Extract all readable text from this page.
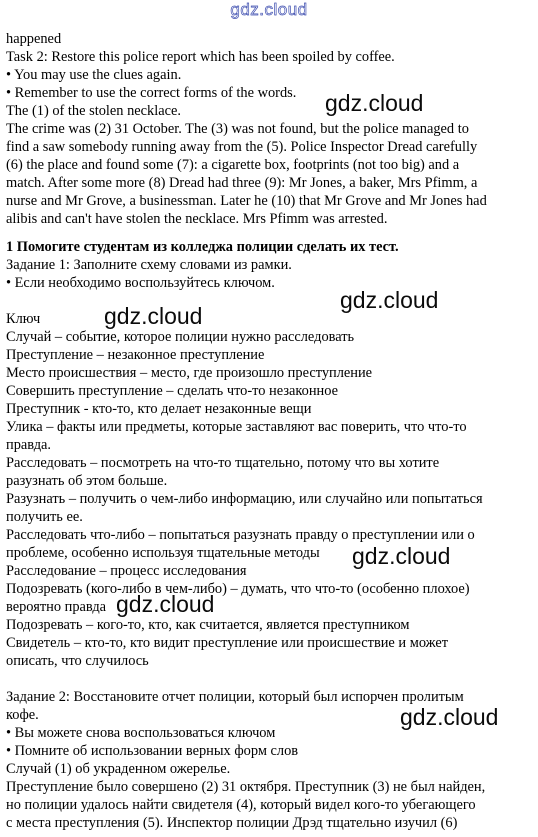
gdz.cloud

happened

Task 2: Restore this police report which has been spoiled by coffee.

• You may use the clues again.

• Remember to use the correct forms of the words.

The (1) of the stolen necklace.

The crime was (2) 31 October. The (3) was not found, but the police managed to

find a saw somebody running away from the (5). Police Inspector Dread carefully

(6) the place and found some (7): a cigarette box, footprints (not too big) and a

match. After some more (8) Dread had three (9): Mr Jones, a baker, Mrs Pfimm, a

nurse and Mr Grove, a businessman. Later he (10) that Mr Grove and Mr Jones had

alibis and can't have stolen the necklace. Mrs Pfimm was arrested.

1 Помогите студентам из колледжа полиции сделать их тест.

Задание 1: Заполните схему словами из рамки.

• Если необходимо воспользуйтесь ключом.

Ключ

Случай – событие, которое полиции нужно расследовать

Преступление – незаконное преступление

Место происшествия – место, где произошло преступление

Совершить преступление – сделать что-то незаконное

Преступник - кто-то, кто делает незаконные вещи

Улика – факты или предметы, которые заставляют вас поверить, что что-то

правда.

Расследовать – посмотреть на что-то тщательно, потому что вы хотите

разузнать об этом больше.

Разузнать – получить о чем-либо информацию, или случайно или попытаться

получить ее.

Расследовать что-либо – попытаться разузнать правду о преступлении или о

проблеме, особенно используя тщательные методы

Расследование – процесс исследования

Подозревать (кого-либо в чем-либо) – думать, что что-то (особенно плохое)

вероятно правда

Подозревать – кого-то, кто, как считается, является преступником

Свидетель – кто-то, кто видит преступление или происшествие и может

описать, что случилось

Задание 2: Восстановите отчет полиции, который был испорчен пролитым

кофе.

• Вы можете снова воспользоваться ключом

• Помните об использовании верных форм слов

Случай (1) об украденном ожерелье.

Преступление было совершено (2) 31 октября. Преступник (3) не был найден,

но полиции удалось найти свидетеля (4), который видел кого-то убегающего

с места преступления (5). Инспектор полиции Дрэд тщательно изучил (6)

gdz.cloud
gdz.cloud
gdz.cloud
gdz.cloud
gdz.cloud
gdz.cloud
